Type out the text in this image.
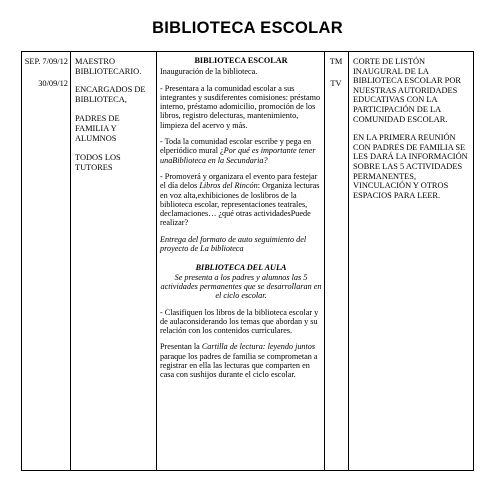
BIBLIOTECA ESCOLAR
SEP. 7/09/12
30/09/12
MAESTRO BIBLIOTECARIO.
ENCARGADOS DE BIBLIOTECA,
PADRES DE FAMILIA Y ALUMNOS
TODOS LOS TUTORES
BIBLIOTECA ESCOLAR
Inauguración de la biblioteca.
- Presentara a la comunidad escolar a sus integrantes y susdiferentes comisiones: préstamo interno, préstamo adomicilio, promoción de los libros, registro delecturas, mantenimiento, limpieza del acervo y más.
- Toda la comunidad escolar escribe y pega en elperiódico mural ¿Por qué es importante tener unaBiblioteca en la Secundaria?
- Promoverá y organizara el evento para festejar el día delos Libros del Rincón: Organiza lecturas en voz alta,exhibiciones de loslibros de la biblioteca escolar, representaciones teatrales, declamaciones… ¿qué otras actividadesPuede realizar?
Entrega del formato de auto seguimiento del proyecto de La biblioteca
BIBLIOTECA DEL AULA
Se presenta a los padres y alumnos las 5 actividades permanentes que se desarrollaran en el ciclo escolar.
- Clasifiquen los libros de la biblioteca escolar y de aulaconsiderando los temas que abordan y su relación con los contenidos curriculares.
Presentan la Cartilla de lectura: leyendo juntos paraque los padres de familia se comprometan a registrar en ella las lecturas que comparten en casa con sushijos durante el ciclo escolar.
TM
TV
CORTE DE LISTÓN INAUGURAL DE LA BIBLIOTECA ESCOLAR POR NUESTRAS AUTORIDADES EDUCATIVAS CON LA PARTICIPACIÓN DE LA COMUNIDAD ESCOLAR.
EN LA PRIMERA REUNIÓN CON PADRES DE FAMILIA SE LES DARÁ LA INFORMACIÓN SOBRE LAS 5 ACTIVIDADES PERMANENTES, VINCULACIÓN Y OTROS ESPACIOS PARA LEER.
